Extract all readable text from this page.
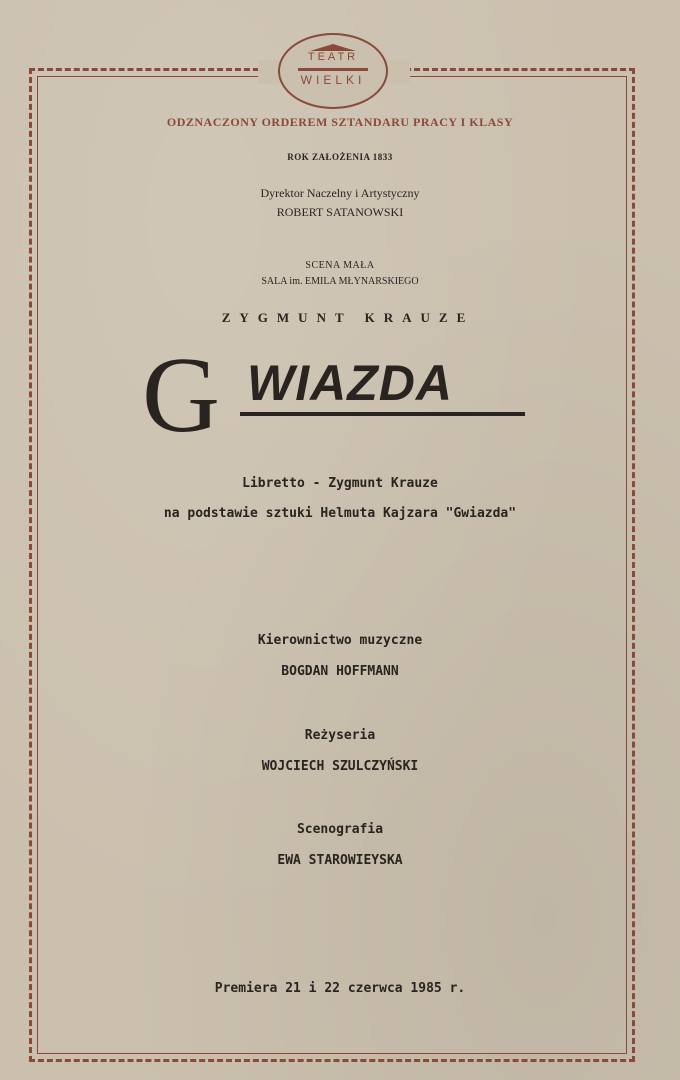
TEATR
WIELKI
ODZNACZONY ORDEREM SZTANDARU PRACY I KLASY
ROK ZAŁOŻENIA 1833
Dyrektor Naczelny i Artystyczny
ROBERT SATANOWSKI
SCENA MAŁA
SALA im. EMILA MŁYNARSKIEGO
ZYGMUNT KRAUZE
G WIAZDA
Libretto - Zygmunt Krauze
na podstawie sztuki Helmuta Kajzara "Gwiazda"
Kierownictwo muzyczne
BOGDAN HOFFMANN
Reżyseria
WOJCIECH SZULCZYŃSKI
Scenografia
EWA STAROWIEYSKA
Premiera 21 i 22 czerwca 1985 r.
